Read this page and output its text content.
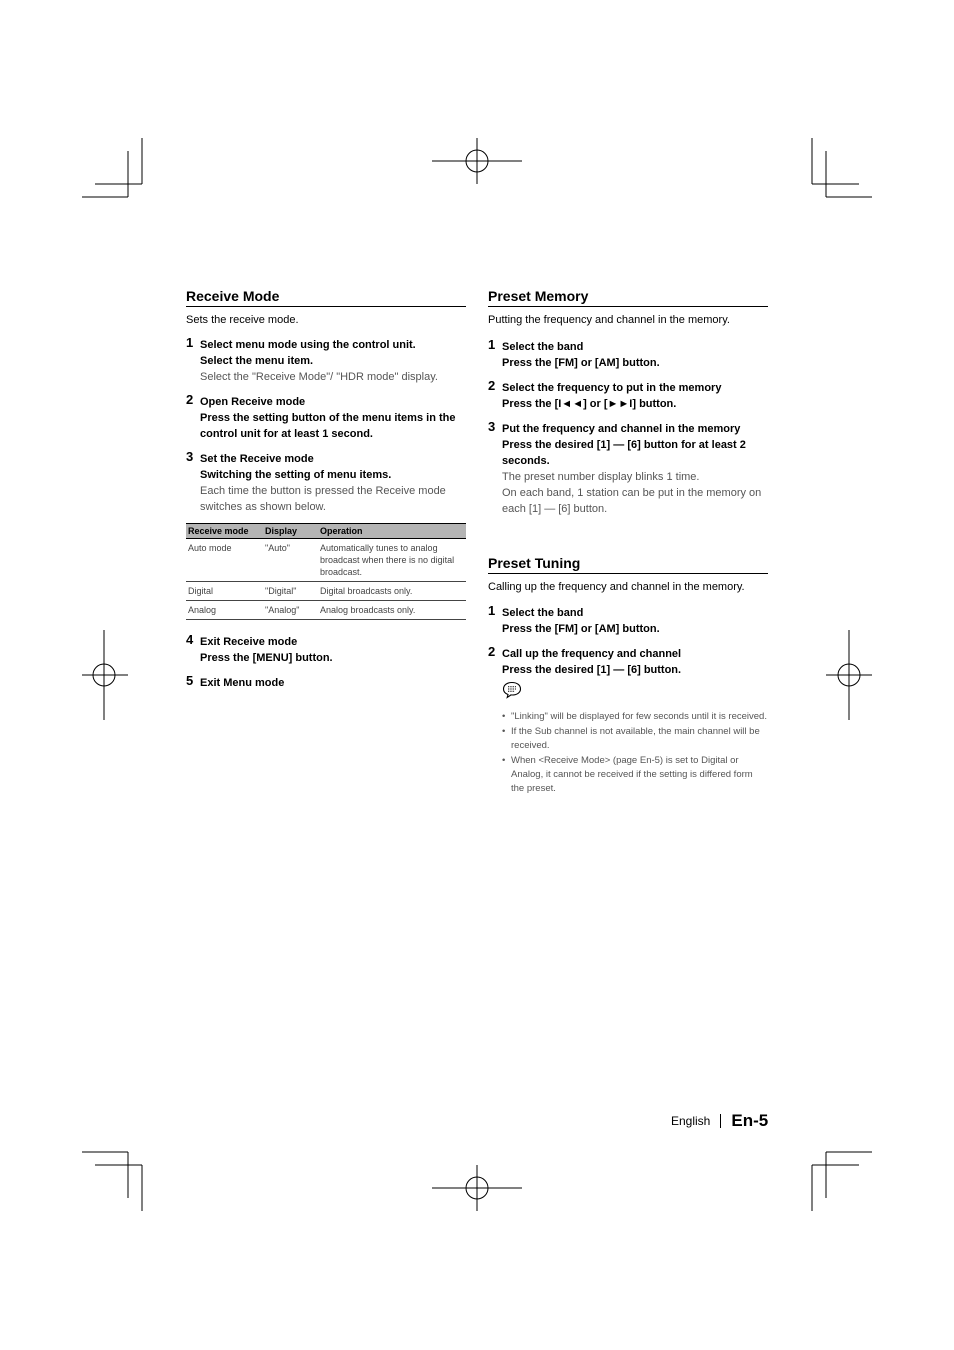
Receive Mode

Sets the receive mode.

1 Select menu mode using the control unit.
Select the menu item.
Select the "Receive Mode"/ "HDR mode" display.
2 Open Receive mode
Press the setting button of the menu items in the control unit for at least 1 second.
3 Set the Receive mode
Switching the setting of menu items.
Each time the button is pressed the Receive mode switches as shown below.
Receive mode	Display	Operation
Auto mode	"Auto"	Automatically tunes to analog broadcast when there is no digital broadcast.
Digital	"Digital"	Digital broadcasts only.
Analog	"Analog"	Analog broadcasts only.
4 Exit Receive mode
Press the [MENU] button.
5 Exit Menu mode
Preset Memory

Putting the frequency and channel in the memory.

1 Select the band
Press the [FM] or [AM] button.
2 Select the frequency to put in the memory
Press the [I◄◄] or [►►I] button.
3 Put the frequency and channel in the memory
Press the desired [1] — [6] button for at least 2 seconds.
The preset number display blinks 1 time.
On each band, 1 station can be put in the memory on each [1] — [6] button.
Preset Tuning

Calling up the frequency and channel in the memory.

1 Select the band
Press the [FM] or [AM] button.
2 Call up the frequency and channel
Press the desired [1] — [6] button.
• "Linking" will be displayed for few seconds until it is received.
• If the Sub channel is not available, the main channel will be received.
• When <Receive Mode> (page En-5) is set to Digital or Analog, it cannot be received if the setting is differed form the preset.
English En-5
